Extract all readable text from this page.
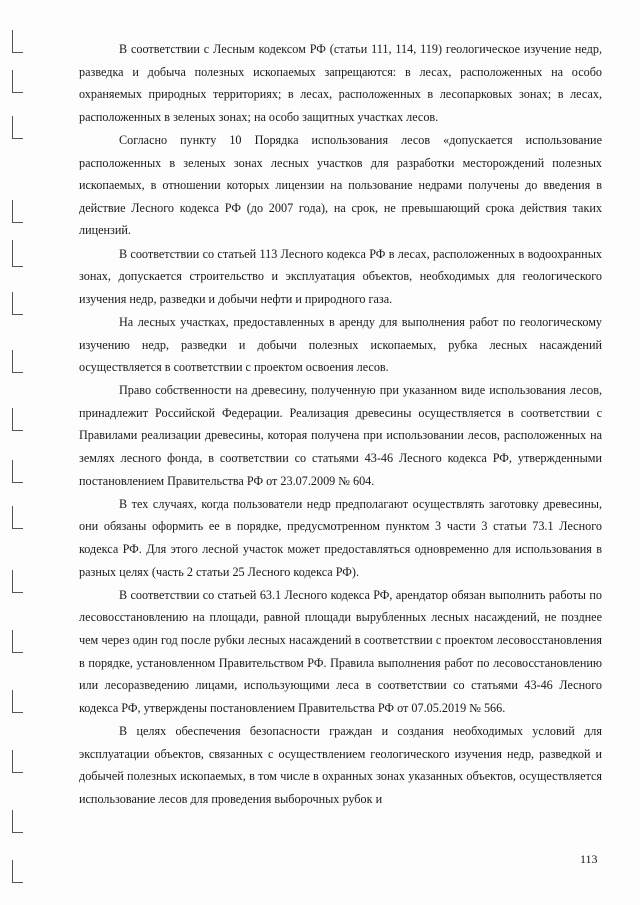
В соответствии с Лесным кодексом РФ (статьи 111, 114, 119) геологическое изучение недр, разведка и добыча полезных ископаемых запрещаются: в лесах, расположенных на особо охраняемых природных территориях; в лесах, расположенных в лесопарковых зонах; в лесах, расположенных в зеленых зонах; на особо защитных участках лесов.

Согласно пункту 10 Порядка использования лесов «допускается использование расположенных в зеленых зонах лесных участков для разработки месторождений полезных ископаемых, в отношении которых лицензии на пользование недрами получены до введения в действие Лесного кодекса РФ (до 2007 года), на срок, не превышающий срока действия таких лицензий.

В соответствии со статьей 113 Лесного кодекса РФ в лесах, расположенных в водоохранных зонах, допускается строительство и эксплуатация объектов, необходимых для геологического изучения недр, разведки и добычи нефти и природного газа.

На лесных участках, предоставленных в аренду для выполнения работ по геологическому изучению недр, разведки и добычи полезных ископаемых, рубка лесных насаждений осуществляется в соответствии с проектом освоения лесов.

Право собственности на древесину, полученную при указанном виде использования лесов, принадлежит Российской Федерации. Реализация древесины осуществляется в соответствии с Правилами реализации древесины, которая получена при использовании лесов, расположенных на землях лесного фонда, в соответствии со статьями 43-46 Лесного кодекса РФ, утвержденными постановлением Правительства РФ от 23.07.2009 № 604.

В тех случаях, когда пользователи недр предполагают осуществлять заготовку древесины, они обязаны оформить ее в порядке, предусмотренном пунктом 3 части 3 статьи 73.1 Лесного кодекса РФ. Для этого лесной участок может предоставляться одновременно для использования в разных целях (часть 2 статьи 25 Лесного кодекса РФ).

В соответствии со статьей 63.1 Лесного кодекса РФ, арендатор обязан выполнить работы по лесовосстановлению на площади, равной площади вырубленных лесных насаждений, не позднее чем через один год после рубки лесных насаждений в соответствии с проектом лесовосстановления в порядке, установленном Правительством РФ. Правила выполнения работ по лесовосстановлению или лесоразведению лицами, использующими леса в соответствии со статьями 43-46 Лесного кодекса РФ, утверждены постановлением Правительства РФ от 07.05.2019 № 566.

В целях обеспечения безопасности граждан и создания необходимых условий для эксплуатации объектов, связанных с осуществлением геологического изучения недр, разведкой и добычей полезных ископаемых, в том числе в охранных зонах указанных объектов, осуществляется использование лесов для проведения выборочных рубок и

113
